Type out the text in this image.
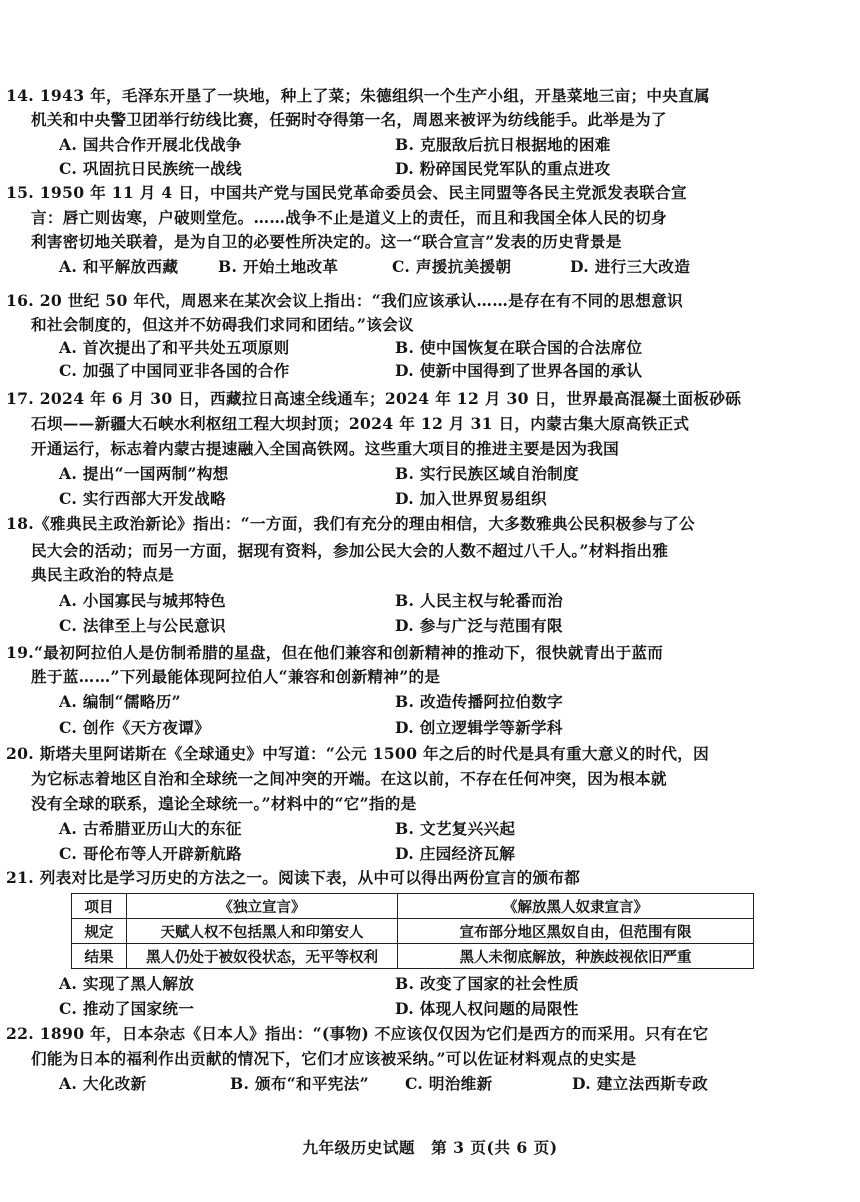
14. 1943 年，毛泽东开垦了一块地，种上了菜；朱德组织一个生产小组，开垦菜地三亩；中央直属
机关和中央警卫团举行纺线比赛，任弼时夺得第一名，周恩来被评为纺线能手。此举是为了
A. 国共合作开展北伐战争	B. 克服敌后抗日根据地的困难
C. 巩固抗日民族统一战线	D. 粉碎国民党军队的重点进攻
15. 1950 年 11 月 4 日，中国共产党与国民党革命委员会、民主同盟等各民主党派发表联合宣
言：唇亡则齿寒，户破则堂危。……战争不止是道义上的责任，而且和我国全体人民的切身
利害密切地关联着，是为自卫的必要性所决定的。这一“联合宣言”发表的历史背景是
A. 和平解放西藏	B. 开始土地改革	C. 声援抗美援朝	D. 进行三大改造
16. 20 世纪 50 年代，周恩来在某次会议上指出：“我们应该承认……是存在有不同的思想意识
和社会制度的，但这并不妨碍我们求同和团结。”该会议
A. 首次提出了和平共处五项原则	B. 使中国恢复在联合国的合法席位
C. 加强了中国同亚非各国的合作	D. 使新中国得到了世界各国的承认
17. 2024 年 6 月 30 日，西藏拉日高速全线通车；2024 年 12 月 30 日，世界最高混凝土面板砂砾
石坝——新疆大石峡水利枢纽工程大坝封顶；2024 年 12 月 31 日，内蒙古集大原高铁正式
开通运行，标志着内蒙古提速融入全国高铁网。这些重大项目的推进主要是因为我国
A. 提出“一国两制”构想	B. 实行民族区域自治制度
C. 实行西部大开发战略	D. 加入世界贸易组织
18.《雅典民主政治新论》指出：“一方面，我们有充分的理由相信，大多数雅典公民积极参与了公
民大会的活动；而另一方面，据现有资料，参加公民大会的人数不超过八千人。”材料指出雅
典民主政治的特点是
A. 小国寡民与城邦特色	B. 人民主权与轮番而治
C. 法律至上与公民意识	D. 参与广泛与范围有限
19.“最初阿拉伯人是仿制希腊的星盘，但在他们兼容和创新精神的推动下，很快就青出于蓝而
胜于蓝……”下列最能体现阿拉伯人“兼容和创新精神”的是
A. 编制“儒略历”	B. 改造传播阿拉伯数字
C. 创作《天方夜谭》	D. 创立逻辑学等新学科
20. 斯塔夫里阿诺斯在《全球通史》中写道：“公元 1500 年之后的时代是具有重大意义的时代，因
为它标志着地区自治和全球统一之间冲突的开端。在这以前，不存在任何冲突，因为根本就
没有全球的联系，遑论全球统一。”材料中的“它”指的是
A. 古希腊亚历山大的东征	B. 文艺复兴兴起
C. 哥伦布等人开辟新航路	D. 庄园经济瓦解
21. 列表对比是学习历史的方法之一。阅读下表，从中可以得出两份宣言的颁布都
项目	《独立宣言》	《解放黑人奴隶宣言》
规定	天赋人权不包括黑人和印第安人	宣布部分地区黑奴自由，但范围有限
结果	黑人仍处于被奴役状态，无平等权利	黑人未彻底解放，种族歧视依旧严重
A. 实现了黑人解放	B. 改变了国家的社会性质
C. 推动了国家统一	D. 体现人权问题的局限性
22. 1890 年，日本杂志《日本人》指出：“(事物) 不应该仅仅因为它们是西方的而采用。只有在它
们能为日本的福利作出贡献的情况下，它们才应该被采纳。”可以佐证材料观点的史实是
A. 大化改新	B. 颁布“和平宪法” C. 明治维新	D. 建立法西斯专政
九年级历史试题　第 3 页(共 6 页)
